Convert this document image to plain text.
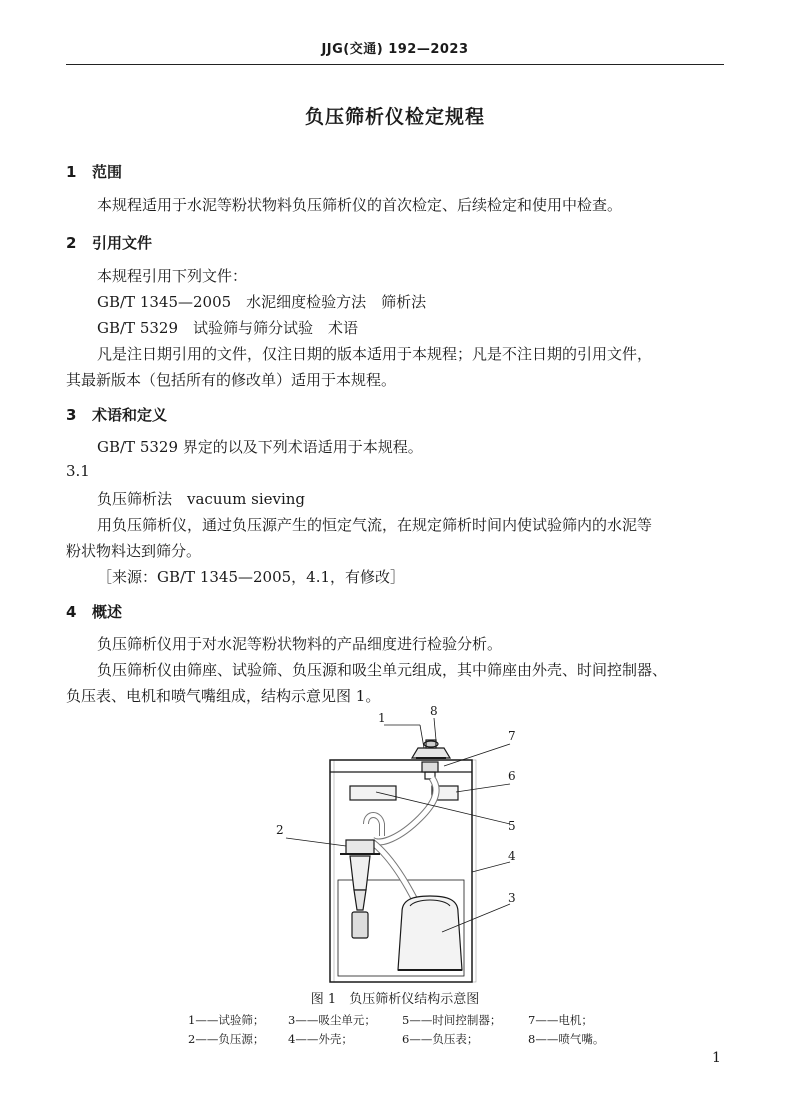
JJG(交通) 192—2023
负压筛析仪检定规程
1 范围
本规程适用于水泥等粉状物料负压筛析仪的首次检定、后续检定和使用中检查。
2 引用文件
本规程引用下列文件：
GB/T 1345—2005　水泥细度检验方法　筛析法
GB/T 5329　试验筛与筛分试验　术语
凡是注日期引用的文件，仅注日期的版本适用于本规程；凡是不注日期的引用文件，
其最新版本（包括所有的修改单）适用于本规程。
3 术语和定义
GB/T 5329 界定的以及下列术语适用于本规程。
3.1
负压筛析法　vacuum sieving
用负压筛析仪，通过负压源产生的恒定气流，在规定筛析时间内使试验筛内的水泥等
粉状物料达到筛分。
［来源：GB/T 1345—2005，4.1，有修改］
4 概述
负压筛析仪用于对水泥等粉状物料的产品细度进行检验分析。
负压筛析仪由筛座、试验筛、负压源和吸尘单元组成，其中筛座由外壳、时间控制器、
负压表、电机和喷气嘴组成，结构示意见图 1。
1	8
7
6
5
2
4
3
图 1　负压筛析仪结构示意图
1——试验筛； 3——吸尘单元； 5——时间控制器； 7——电机；
2——负压源； 4——外壳；	6——负压表；	8——喷气嘴。
1
